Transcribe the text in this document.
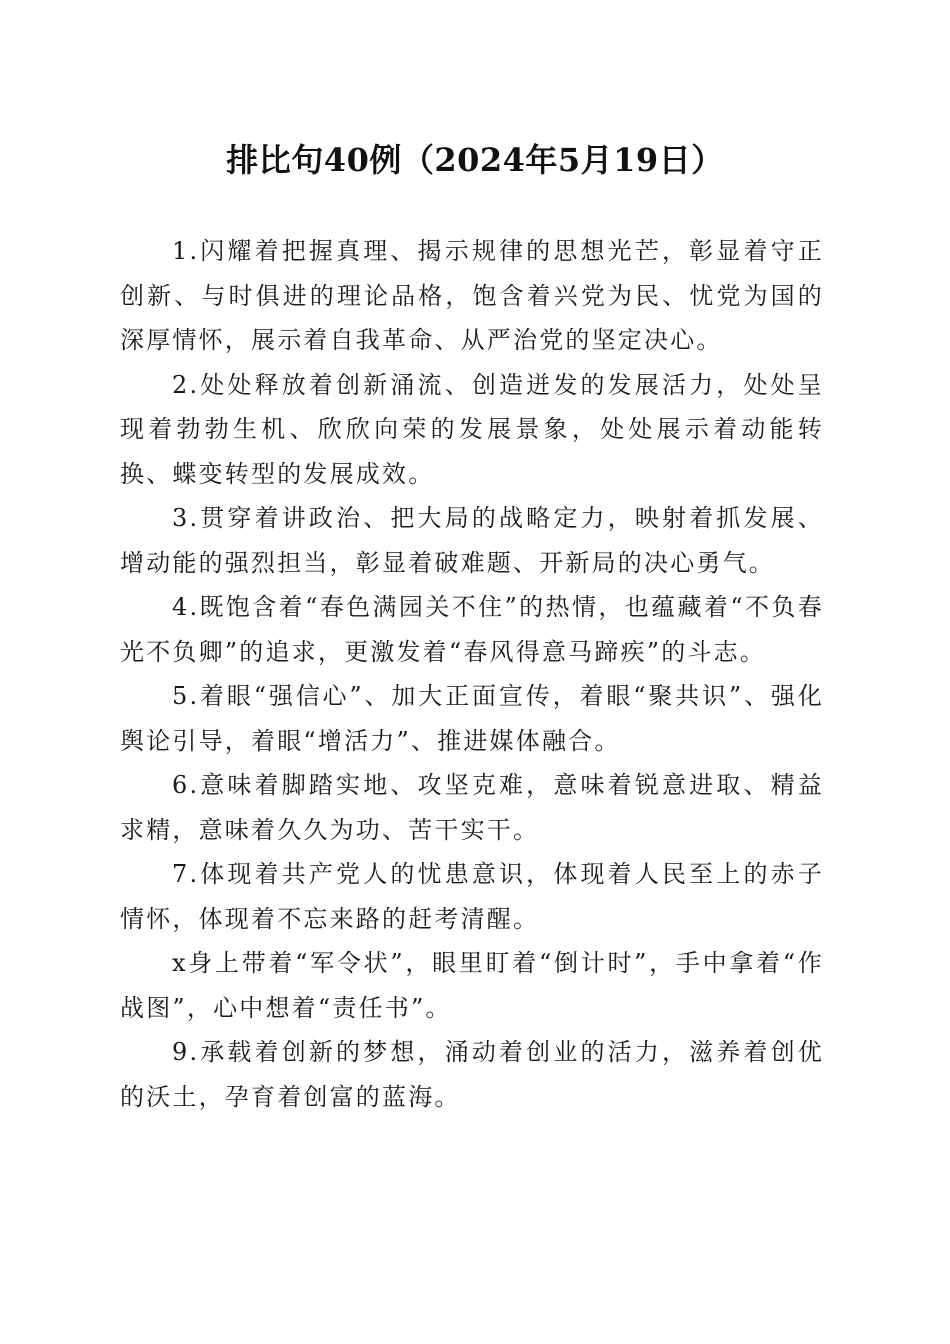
排比句40例（2024年5月19日）

1.闪耀着把握真理、揭示规律的思想光芒，彰显着守正创新、与时俱进的理论品格，饱含着兴党为民、忧党为国的深厚情怀，展示着自我革命、从严治党的坚定决心。

2.处处释放着创新涌流、创造迸发的发展活力，处处呈现着勃勃生机、欣欣向荣的发展景象，处处展示着动能转换、蝶变转型的发展成效。

3.贯穿着讲政治、把大局的战略定力，映射着抓发展、增动能的强烈担当，彰显着破难题、开新局的决心勇气。

4.既饱含着“春色满园关不住”的热情，也蕴藏着“不负春光不负卿”的追求，更激发着“春风得意马蹄疾”的斗志。

5.着眼“强信心”、加大正面宣传，着眼“聚共识”、强化舆论引导，着眼“增活力”、推进媒体融合。

6.意味着脚踏实地、攻坚克难，意味着锐意进取、精益求精，意味着久久为功、苦干实干。

7.体现着共产党人的忧患意识，体现着人民至上的赤子情怀，体现着不忘来路的赶考清醒。

x身上带着“军令状”，眼里盯着“倒计时”，手中拿着“作战图”，心中想着“责任书”。

9.承载着创新的梦想，涌动着创业的活力，滋养着创优的沃土，孕育着创富的蓝海。
